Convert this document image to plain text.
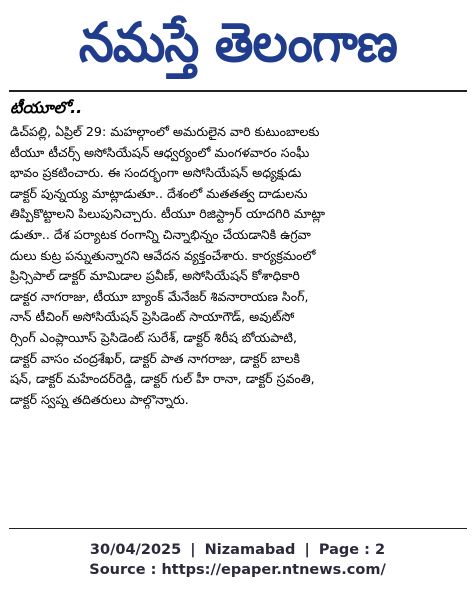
నమస్తే తెలంగాణ
టీయూలో..
డిచ్‌పల్లి, ఏప్రిల్ 29: మహల్గాంలో అమరులైన వారి కుటుంబాలకు
టీయూ టీచర్స్ అసోసియేషన్ ఆధ్వర్యంలో మంగళవారం సంఘీ
భావం ప్రకటించారు. ఈ సందర్భంగా అసోసియేషన్ అధ్యక్షుడు
డాక్టర్ పున్నయ్య మాట్లాడుతూ.. దేశంలో మతతత్వ దాడులను
తిప్పికొట్టాలని పిలుపునిచ్చారు. టీయూ రిజిస్ట్రార్ యాదగిరి మాట్లా
డుతూ.. దేశ పర్యాటక రంగాన్ని చిన్నాభిన్నం చేయడానికి ఉగ్రవా
దులు కుట్ర పన్నుతున్నారని ఆవేదన వ్యక్తంచేశారు. కార్యక్రమంలో
ప్రిన్సిపాల్ డాక్టర్ మామిడాల ప్రవీణ్, అసోసియేషన్ కోశాధికారి
డాక్టర నాగరాజు, టీయూ బ్యాంక్ మేనేజర్ శివనారాయణ సింగ్,
నాన్ టీచింగ్ అసోసియేషన్ ప్రెసిడెంట్ సాయాగౌడ్, అవుట్‌సో
ర్సింగ్ ఎంప్లాయీస్ ప్రెసిడెంట్ సురేశ్, డాక్టర్ శిరీష బోయపాటి,
డాక్టర్ వాసం చంద్రశేఖర్, డాక్టర్ పాత నాగరాజు, డాక్టర్ బాలకి
షన్, డాక్టర్ మహేందర్‌రెడ్డి, డాక్టర్ గుల్ హీ రానా, డాక్టర్ స్రవంతి,
డాక్టర్ స్వప్న తదితరులు పాల్గొన్నారు.
30/04/2025 | Nizamabad | Page : 2
Source : https://epaper.ntnews.com/
